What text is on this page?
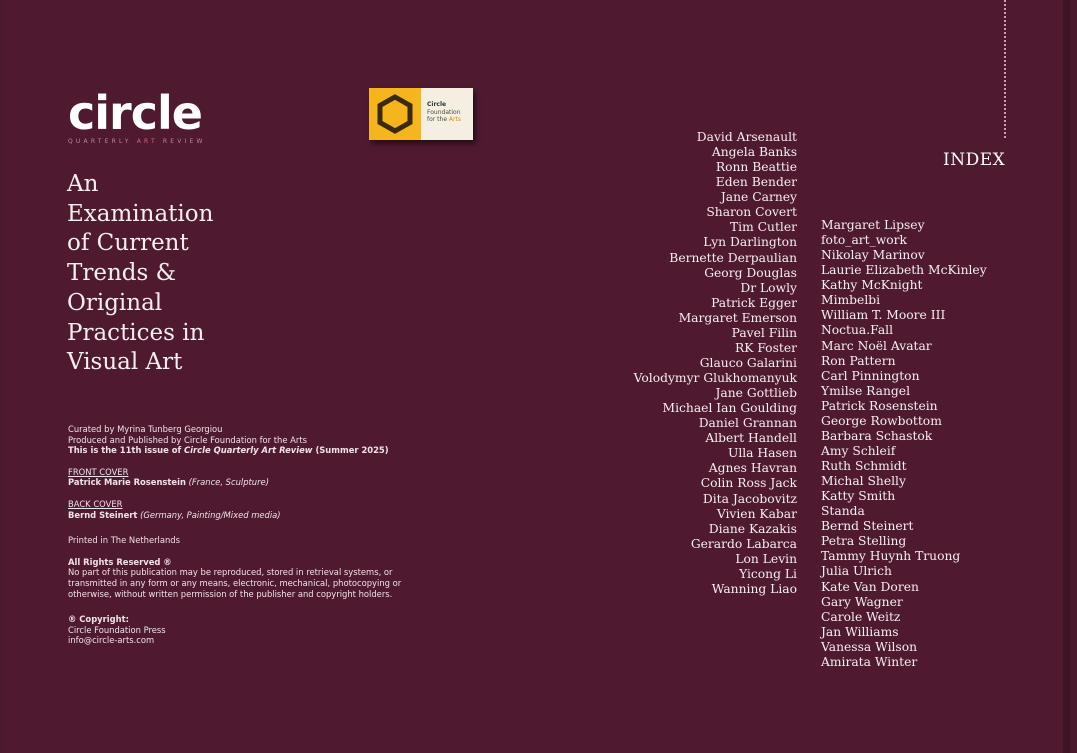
circle
QUARTERLY ART REVIEW
Circle
Foundation
for the Arts
An
Examination
of Current
Trends &
Original
Practices in
Visual Art

Curated by Myrina Tunberg Georgiou

Produced and Published by Circle Foundation for the Arts

This is the 11th issue of Circle Quarterly Art Review (Summer 2025)

FRONT COVER

Patrick Marie Rosenstein (France, Sculpture)

BACK COVER

Bernd Steinert (Germany, Painting/Mixed media)

Printed in The Netherlands

All Rights Reserved ®

No part of this publication may be reproduced, stored in retrieval systems, or transmitted in any form or any means, electronic, mechanical, photocopying or otherwise, without written permission of the publisher and copyright holders.

® Copyright:

Circle Foundation Press

info@circle-arts.com

INDEX
David Arsenault
Angela Banks
Ronn Beattie
Eden Bender
Jane Carney
Sharon Covert
Tim Cutler
Lyn Darlington
Bernette Derpaulian
Georg Douglas
Dr Lowly
Patrick Egger
Margaret Emerson
Pavel Filin
RK Foster
Glauco Galarini
Volodymyr Glukhomanyuk
Jane Gottlieb
Michael Ian Goulding
Daniel Grannan
Albert Handell
Ulla Hasen
Agnes Havran
Colin Ross Jack
Dita Jacobovitz
Vivien Kabar
Diane Kazakis
Gerardo Labarca
Lon Levin
Yicong Li
Wanning Liao
Margaret Lipsey
foto_art_work
Nikolay Marinov
Laurie Elizabeth McKinley
Kathy McKnight
Mimbelbi
William T. Moore III
Noctua.Fall
Marc Noël Avatar
Ron Pattern
Carl Pinnington
Ymilse Rangel
Patrick Rosenstein
George Rowbottom
Barbara Schastok
Amy Schleif
Ruth Schmidt
Michal Shelly
Katty Smith
Standa
Bernd Steinert
Petra Stelling
Tammy Huynh Truong
Julia Ulrich
Kate Van Doren
Gary Wagner
Carole Weitz
Jan Williams
Vanessa Wilson
Amirata Winter
